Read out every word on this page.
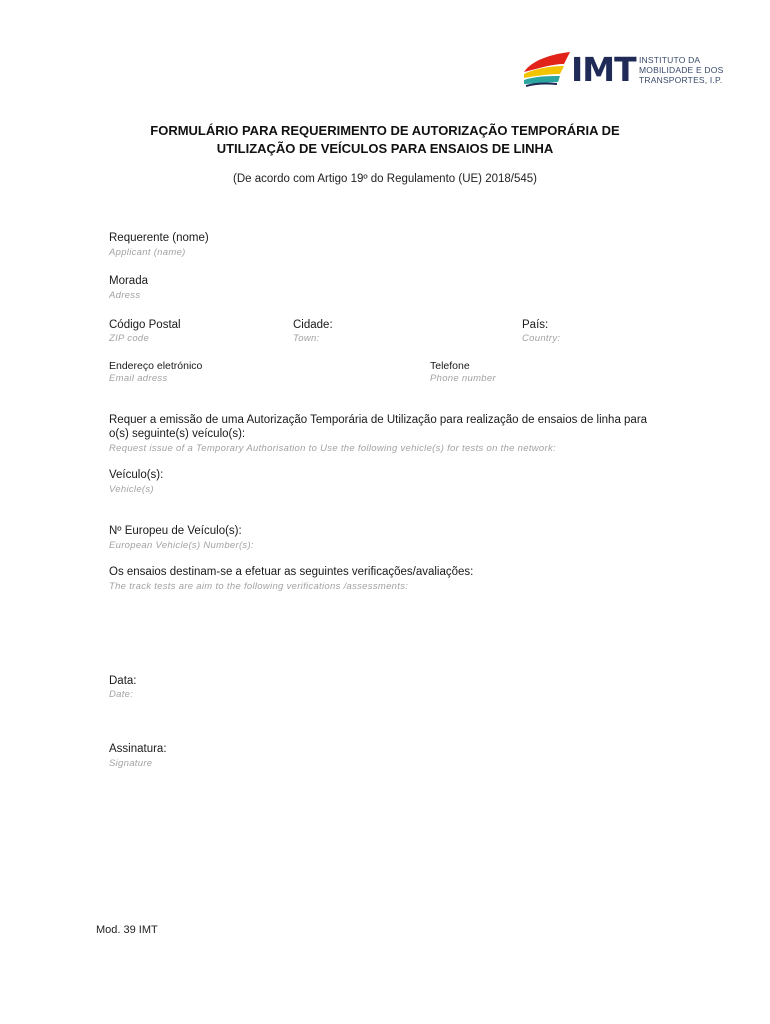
IMT INSTITUTO DA
MOBILIDADE E DOS
TRANSPORTES, I.P.
FORMULÁRIO PARA REQUERIMENTO DE AUTORIZAÇÃO TEMPORÁRIA DE
UTILIZAÇÃO DE VEÍCULOS PARA ENSAIOS DE LINHA
(De acordo com Artigo 19º do Regulamento (UE) 2018/545)
Requerente (nome)
Applicant (name)
Morada
Adress
Código Postal
ZIP code
Cidade:
Town:
País:
Country:
Endereço eletrónico
Email adress
Telefone
Phone number
Requer a emissão de uma Autorização Temporária de Utilização para realização de ensaios de linha para
o(s) seguinte(s) veículo(s):
Request issue of a Temporary Authorisation to Use the following vehicle(s) for tests on the network:
Veículo(s):
Vehicle(s)
Nº Europeu de Veículo(s):
European Vehicle(s) Number(s):
Os ensaios destinam-se a efetuar as seguintes verificações/avaliações:
The track tests are aim to the following verifications /assessments:
Data:
Date:
Assinatura:
Signature
Mod. 39 IMT
